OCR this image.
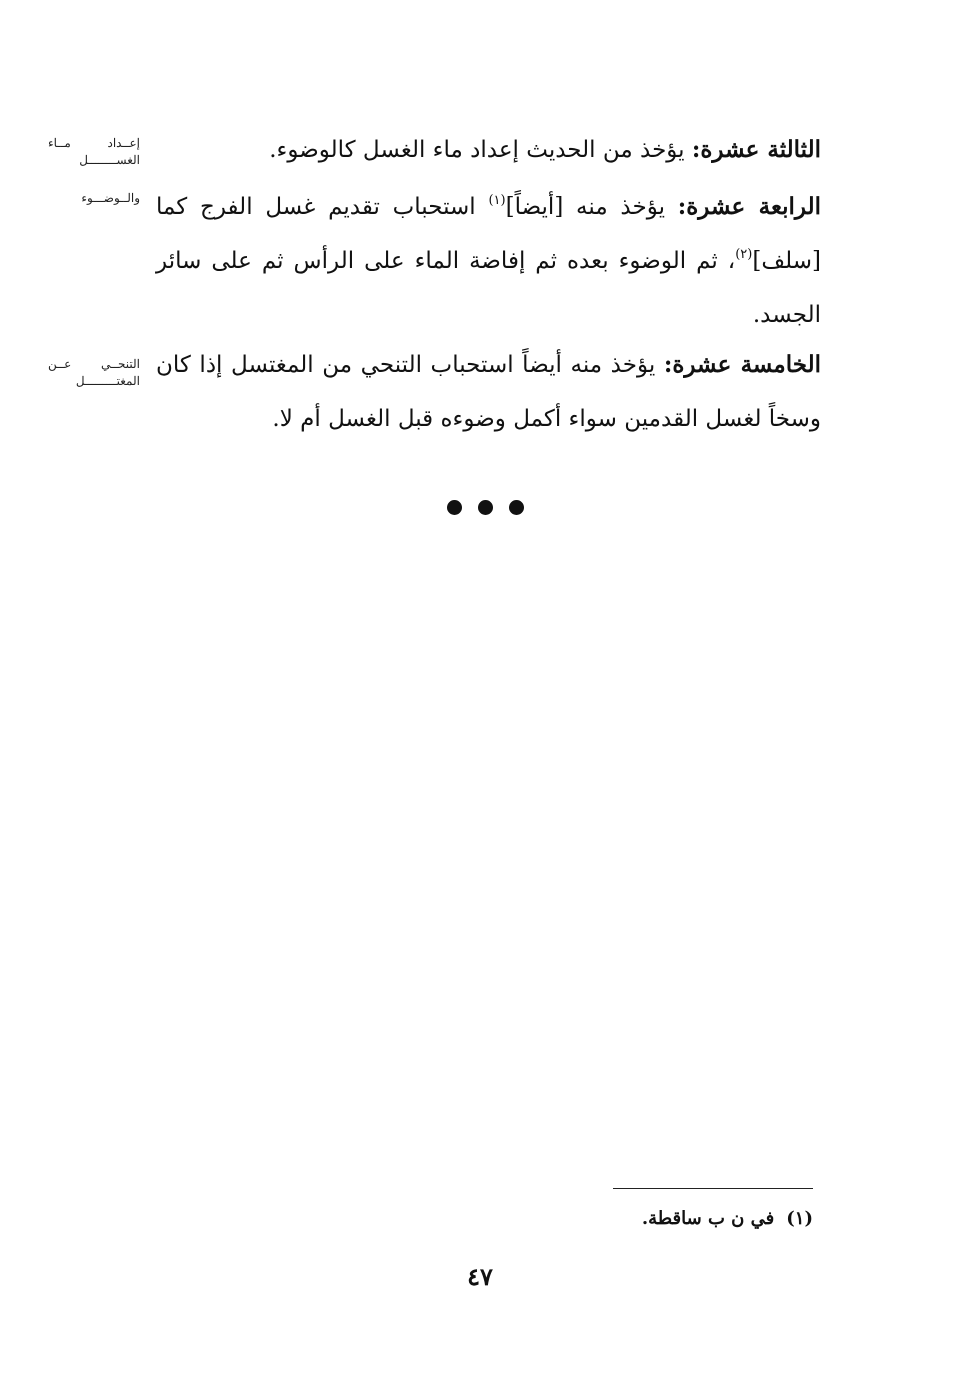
الثالثة عشرة: يؤخذ من الحديث إعداد ماء الغسل كالوضوء.
الرابعة عشرة: يؤخذ منه [أيضاً]$^{(١)}$ استحباب تقديم غسل الفرج كما [سلف]$^{(٢)}$، ثم الوضوء بعده ثم إفاضة الماء على الرأس ثم على سائر الجسد.
الخامسة عشرة: يؤخذ منه أيضاً استحباب التنحي من المغتسل إذا كان وسخاً لغسل القدمين سواء أكمل وضوءه قبل الغسل أم لا.
إعــداد مــاء الغســــــــل
والــوضـــوء
التنحــي عــن المغتـــــــــل
(١)في ن ب ساقطة.
٤٧
